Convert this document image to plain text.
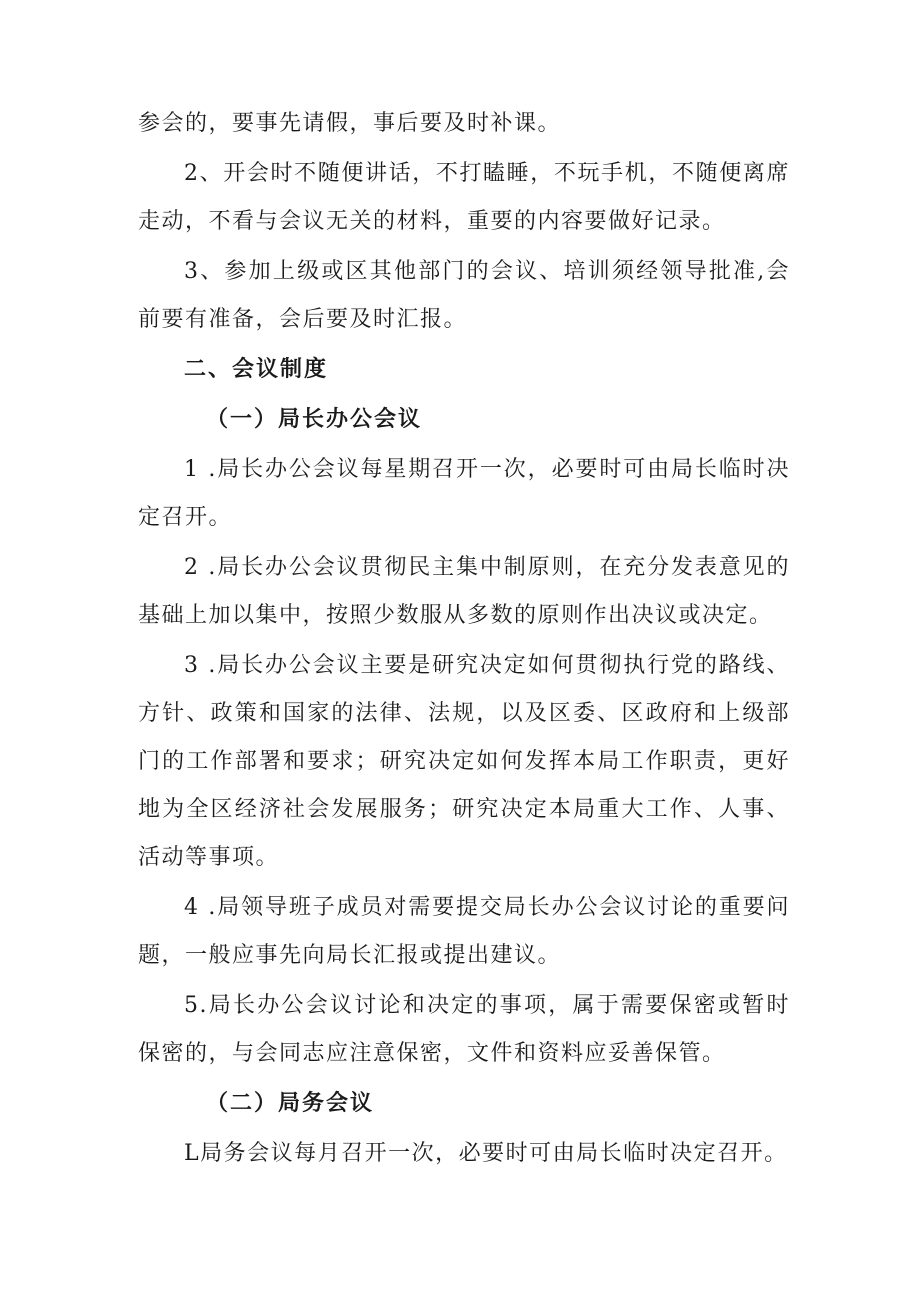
参会的，要事先请假，事后要及时补课。

2、开会时不随便讲话，不打瞌睡，不玩手机，不随便离席走动，不看与会议无关的材料，重要的内容要做好记录。

3、参加上级或区其他部门的会议、培训须经领导批准,会前要有准备，会后要及时汇报。

二、会议制度

（一）局长办公会议

1 .局长办公会议每星期召开一次，必要时可由局长临时决定召开。

2 .局长办公会议贯彻民主集中制原则，在充分发表意见的基础上加以集中，按照少数服从多数的原则作出决议或决定。

3 .局长办公会议主要是研究决定如何贯彻执行党的路线、方针、政策和国家的法律、法规，以及区委、区政府和上级部门的工作部署和要求；研究决定如何发挥本局工作职责，更好地为全区经济社会发展服务；研究决定本局重大工作、人事、活动等事项。

4 .局领导班子成员对需要提交局长办公会议讨论的重要问题，一般应事先向局长汇报或提出建议。

5.局长办公会议讨论和决定的事项，属于需要保密或暂时保密的，与会同志应注意保密，文件和资料应妥善保管。

（二）局务会议

L局务会议每月召开一次，必要时可由局长临时决定召开。
